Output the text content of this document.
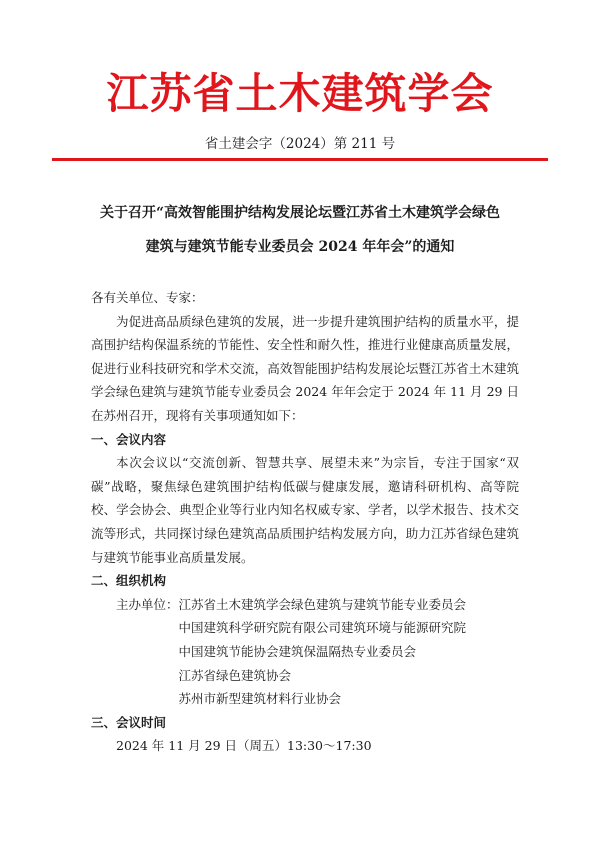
江苏省土木建筑学会
省土建会字（2024）第 211 号
关于召开“高效智能围护结构发展论坛暨江苏省土木建筑学会绿色
建筑与建筑节能专业委员会 2024 年年会”的通知

各有关单位、专家：

为促进高品质绿色建筑的发展，进一步提升建筑围护结构的质量水平，提高围护结构保温系统的节能性、安全性和耐久性，推进行业健康高质量发展，促进行业科技研究和学术交流，高效智能围护结构发展论坛暨江苏省土木建筑学会绿色建筑与建筑节能专业委员会 2024 年年会定于 2024 年 11 月 29 日在苏州召开，现将有关事项通知如下：

一、会议内容

本次会议以“交流创新、智慧共享、展望未来”为宗旨，专注于国家“双碳”战略，聚焦绿色建筑围护结构低碳与健康发展，邀请科研机构、高等院校、学会协会、典型企业等行业内知名权威专家、学者，以学术报告、技术交流等形式，共同探讨绿色建筑高品质围护结构发展方向，助力江苏省绿色建筑与建筑节能事业高质量发展。

二、组织机构

主办单位： 江苏省土木建筑学会绿色建筑与建筑节能专业委员会
中国建筑科学研究院有限公司建筑环境与能源研究院
中国建筑节能协会建筑保温隔热专业委员会
江苏省绿色建筑协会
苏州市新型建筑材料行业协会

三、会议时间

2024 年 11 月 29 日（周五）13:30～17:30
